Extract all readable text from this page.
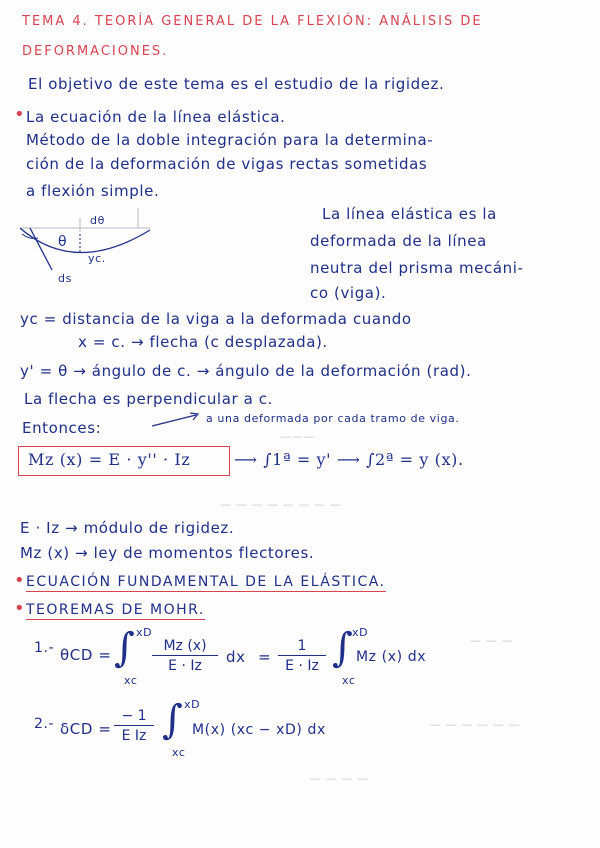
TEMA 4. TEORÍA GENERAL DE LA FLEXIÓN: ANÁLISIS DE
DEFORMACIONES.
El objetivo de este tema es el estudio de la rigidez.
• La ecuación de la línea elástica.
Método de la doble integración para la determina-
ción de la deformación de vigas rectas sometidas
a flexión simple.
dθ
θ
yc.
ds
La línea elástica es la
deformada de la línea
neutra del prisma mecáni-
co (viga).
yc = distancia de la viga a la deformada cuando
x = c. → flecha (c desplazada).
y' = θ → ángulo de c. → ángulo de la deformación (rad).
La flecha es perpendicular a c.
Entonces:
a una deformada por cada tramo de viga.
Mz (x) = E · y'' · Iz	⟶ ∫1ª = y' ⟶ ∫2ª = y (x).
———
— — — — — — — —
E · Iz → módulo de rigidez.
Mz (x) → ley de momentos flectores.
• ECUACIÓN FUNDAMENTAL DE LA ELÁSTICA.
• TEOREMAS DE MOHR.
1.- θCD =
xD
∫
xc
$\frac{Mz (x)}{E \cdot Iz}$ dx = $\frac{1}{E \cdot Iz}$
xD
∫
xc
Mz (x) dx
2.- $\delta CD = \frac{- 1}{\text{E Iz}}$
xD
∫
xc
M(x) (xc − xD) dx
— — —
— — — — — —
— — — —
